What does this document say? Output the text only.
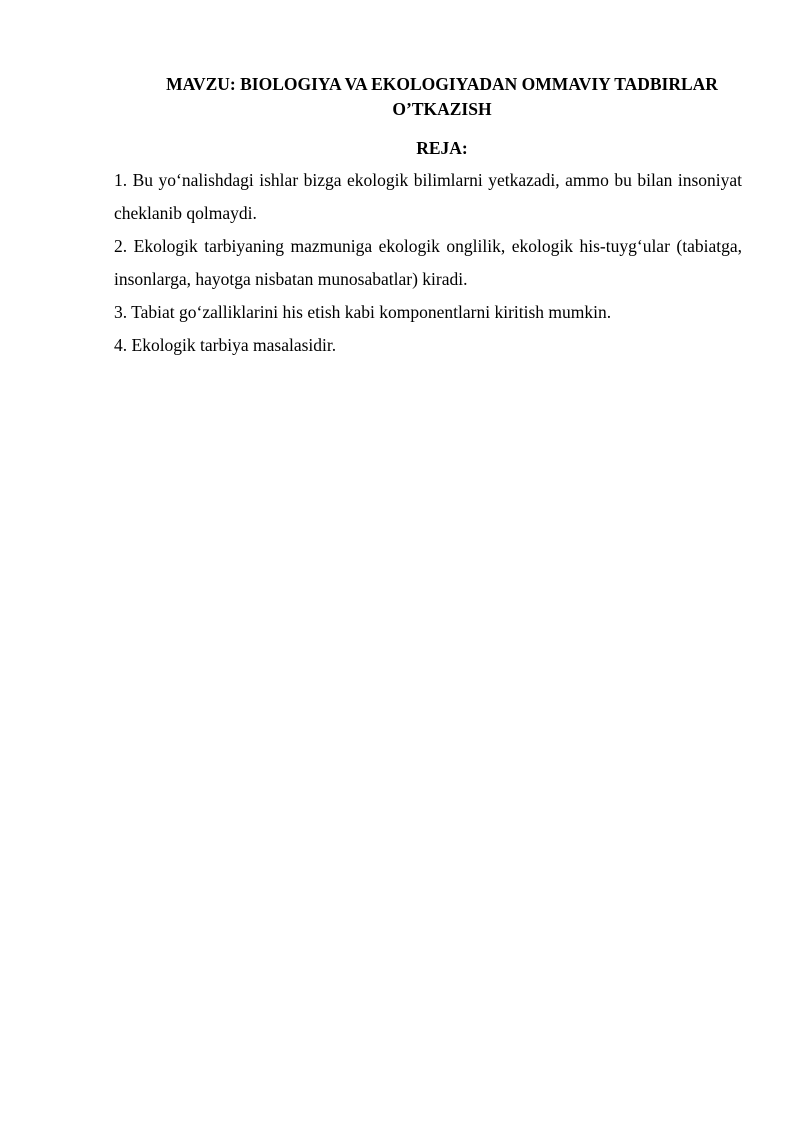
MAVZU: BIOLOGIYA VA EKOLOGIYADAN OMMAVIY TADBIRLAR O’TKAZISH
REJA:
1. Bu yo‘nalishdagi ishlar bizga ekologik bilimlarni yetkazadi, ammo bu bilan insoniyat cheklanib qolmaydi.
2. Ekologik tarbiyaning mazmuniga ekologik onglilik, ekologik his-tuyg‘ular (tabiatga, insonlarga, hayotga nisbatan munosabatlar) kiradi.
3. Tabiat go‘zalliklarini his etish kabi komponentlarni kiritish mumkin.
4. Ekologik tarbiya masalasidir.
